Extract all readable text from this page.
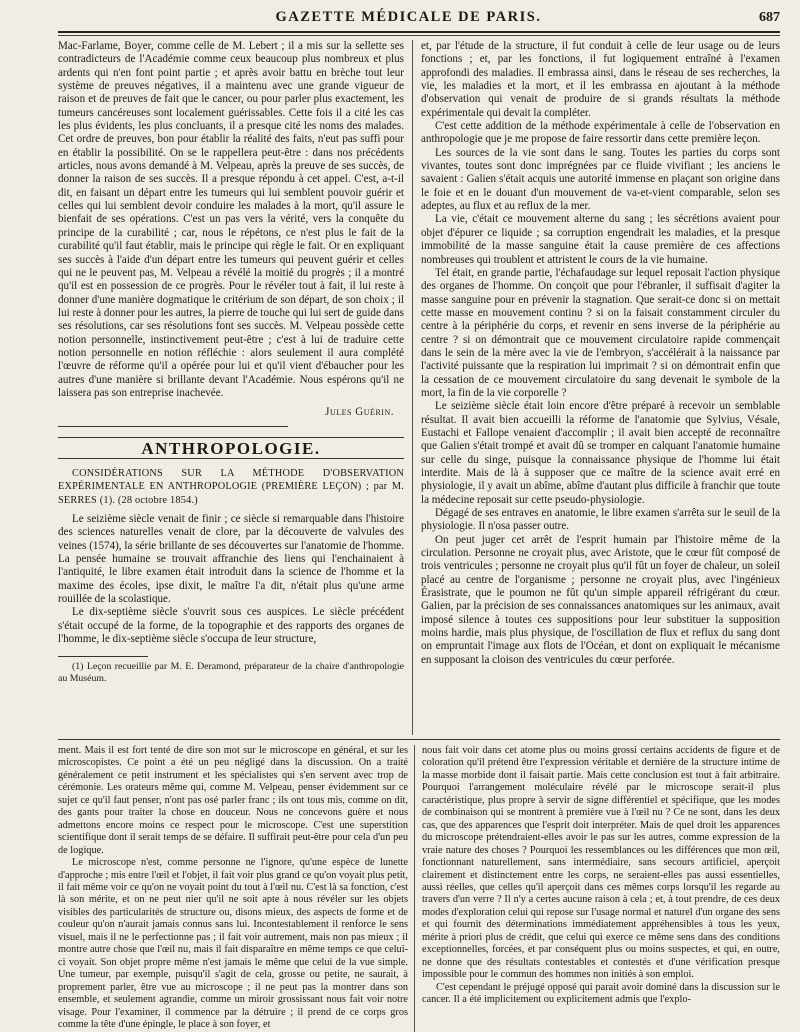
GAZETTE MÉDICALE DE PARIS.	687

Mac-Farlame, Boyer, comme celle de M. Lebert ; il a mis sur la sellette ses contradicteurs de l'Académie comme ceux beaucoup plus nombreux et plus ardents qui n'en font point partie ; et après avoir battu en brèche tout leur système de preuves négatives, il a maintenu avec une grande vigueur de raison et de preuves de fait que le cancer, ou pour parler plus exactement, les tumeurs cancéreuses sont localement guérissables. Cette fois il a cité les cas les plus évidents, les plus concluants, il a presque cité les noms des malades. Cet ordre de preuves, bon pour établir la réalité des faits, n'eut pas suffi pour en établir la possibilité. On se le rappellera peut-être : dans nos précédents articles, nous avons demandé à M. Velpeau, après la preuve de ses succès, de donner la raison de ses succès. Il a presque répondu à cet appel. C'est, a-t-il dit, en faisant un départ entre les tumeurs qui lui semblent pouvoir guérir et celles qui lui semblent devoir conduire les malades à la mort, qu'il assure le bienfait de ses opérations. C'est un pas vers la vérité, vers la conquête du principe de la curabilité ; car, nous le répétons, ce n'est plus le fait de la curabilité qu'il faut établir, mais le principe qui règle le fait. Or en expliquant ses succès à l'aide d'un départ entre les tumeurs qui peuvent guérir et celles qui ne le peuvent pas, M. Velpeau a révélé la moitié du progrès ; il a montré qu'il est en possession de ce progrès. Pour le révéler tout à fait, il lui reste à donner d'une manière dogmatique le critérium de son départ, de son choix ; il lui reste à donner pour les autres, la pierre de touche qui lui sert de guide dans ses résolutions, car ses résolutions font ses succès. M. Velpeau possède cette notion personnelle, instinctivement peut-être ; c'est à lui de traduire cette notion personnelle en notion réfléchie : alors seulement il aura complété l'œuvre de réforme qu'il a opérée pour lui et qu'il vient d'ébaucher pour les autres d'une manière si brillante devant l'Académie. Nous espérons qu'il ne laissera pas son entreprise inachevée.

Jules Guérin.
ANTHROPOLOGIE.

CONSIDÉRATIONS SUR LA MÉTHODE D'OBSERVATION EXPÉRIMENTALE EN ANTHROPOLOGIE (PREMIÈRE LEÇON) ; par M. SERRES (1). (28 octobre 1854.)

Le seizième siècle venait de finir ; ce siècle si remarquable dans l'histoire des sciences naturelles venait de clore, par la découverte de valvules des veines (1574), la série brillante de ses découvertes sur l'anatomie de l'homme. La pensée humaine se trouvait affranchie des liens qui l'enchainaient à l'antiquité, le libre examen était introduit dans la science de l'homme et la maxime des écoles, ipse dixit, le maître l'a dit, n'était plus qu'une arme rouillée de la scolastique.

Le dix-septième siècle s'ouvrit sous ces auspices. Le siècle précédent s'était occupé de la forme, de la topographie et des rapports des organes de l'homme, le dix-septième siècle s'occupa de leur structure,

(1) Leçon recueillie par M. E. Deramond, préparateur de la chaire d'anthropologie au Muséum.

et, par l'étude de la structure, il fut conduit à celle de leur usage ou de leurs fonctions ; et, par les fonctions, il fut logiquement entraîné à l'examen approfondi des maladies. Il embrassa ainsi, dans le réseau de ses recherches, la vie, les maladies et la mort, et il les embrassa en ajoutant à la méthode d'observation qui venait de produire de si grands résultats la méthode expérimentale qui devait la compléter.

C'est cette addition de la méthode expérimentale à celle de l'observation en anthropologie que je me propose de faire ressortir dans cette première leçon.

Les sources de la vie sont dans le sang. Toutes les parties du corps sont vivantes, toutes sont donc imprégnées par ce fluide vivifiant ; les anciens le savaient : Galien s'était acquis une autorité immense en plaçant son origine dans le foie et en le douant d'un mouvement de va-et-vient comparable, selon ses adeptes, au flux et au reflux de la mer.

La vie, c'était ce mouvement alterne du sang ; les sécrétions avaient pour objet d'épurer ce liquide ; sa corruption engendrait les maladies, et la presque immobilité de la masse sanguine était la cause première de ces affections nombreuses qui troublent et attristent le cours de la vie humaine.

Tel était, en grande partie, l'échafaudage sur lequel reposait l'action physique des organes de l'homme. On conçoit que pour l'ébranler, il suffisait d'agiter la masse sanguine pour en prévenir la stagnation. Que serait-ce donc si on mettait cette masse en mouvement continu ? si on la faisait constamment circuler du centre à la périphérie du corps, et revenir en sens inverse de la périphérie au centre ? si on démontrait que ce mouvement circulatoire rapide commençait dans le sein de la mère avec la vie de l'embryon, s'accélérait à la naissance par l'activité puissante que la respiration lui imprimait ? si on démontrait enfin que la cessation de ce mouvement circulatoire du sang devenait le symbole de la mort, la fin de la vie corporelle ?

Le seizième siècle était loin encore d'être préparé à recevoir un semblable résultat. Il avait bien accueilli la réforme de l'anatomie que Sylvius, Vésale, Eustachi et Fallope venaient d'accomplir ; il avait bien accepté de reconnaître que Galien s'était trompé et avait dû se tromper en calquant l'anatomie humaine sur celle du singe, puisque la connaissance physique de l'homme lui était interdite. Mais de là à supposer que ce maître de la science avait erré en physiologie, il y avait un abîme, abîme d'autant plus difficile à franchir que toute la médecine reposait sur cette pseudo-physiologie.

Dégagé de ses entraves en anatomie, le libre examen s'arrêta sur le seuil de la physiologie. Il n'osa passer outre.

On peut juger cet arrêt de l'esprit humain par l'histoire même de la circulation. Personne ne croyait plus, avec Aristote, que le cœur fût composé de trois ventricules ; personne ne croyait plus qu'il fût un foyer de chaleur, un soleil placé au centre de l'organisme ; personne ne croyait plus, avec l'ingénieux Érasistrate, que le poumon ne fût qu'un simple appareil réfrigérant du cœur. Galien, par la précision de ses connaissances anatomiques sur les animaux, avait imposé silence à toutes ces suppositions pour leur substituer la supposition moins hardie, mais plus physique, de l'oscillation de flux et reflux du sang dont on empruntait l'image aux flots de l'Océan, et dont on expliquait le mécanisme en supposant la cloison des ventricules du cœur perforée.

ment. Mais il est fort tenté de dire son mot sur le microscope en général, et sur les microscopistes. Ce point a été un peu négligé dans la discussion. On a traité généralement ce petit instrument et les spécialistes qui s'en servent avec trop de cérémonie. Les orateurs même qui, comme M. Velpeau, penser évidemment sur ce sujet ce qu'il faut penser, n'ont pas osé parler franc ; ils ont tous mis, comme on dit, des gants pour traiter la chose en douceur. Nous ne concevons guère et nous admettons encore moins ce respect pour le microscope. C'est une superstition scientifique dont il serait temps de se défaire. Il suffirait peut-être pour cela d'un peu de logique.

Le microscope n'est, comme personne ne l'ignore, qu'une espèce de lunette d'approche ; mis entre l'œil et l'objet, il fait voir plus grand ce qu'on voyait plus petit, il fait même voir ce qu'on ne voyait point du tout à l'œil nu. C'est là sa fonction, c'est là son mérite, et on ne peut nier qu'il ne soit apte à nous révéler sur les objets visibles des particularités de structure ou, disons mieux, des aspects de forme et de couleur qu'on n'aurait jamais connus sans lui. Incontestablement il renforce le sens visuel, mais il ne le perfectionne pas ; il fait voir autrement, mais non pas mieux ; il montre autre chose que l'œil nu, mais il fait disparaître en même temps ce que celui-ci voyait. Son objet propre même n'est jamais le même que celui de la vue simple. Une tumeur, par exemple, puisqu'il s'agit de cela, grosse ou petite, ne saurait, à proprement parler, être vue au microscope ; il ne peut pas la montrer dans son ensemble, et seulement agrandie, comme un miroir grossissant nous fait voir notre visage. Pour l'examiner, il commence par la détruire ; il prend de ce corps gros comme la tête d'une épingle, le place à son foyer, et

nous fait voir dans cet atome plus ou moins grossi certains accidents de figure et de coloration qu'il prétend être l'expression véritable et dernière de la structure intime de la masse morbide dont il faisait partie. Mais cette conclusion est tout à fait arbitraire. Pourquoi l'arrangement moléculaire révélé par le microscope serait-il plus caractéristique, plus propre à servir de signe différentiel et spécifique, que les modes de combinaison qui se montrent à première vue à l'œil nu ? Ce ne sont, dans les deux cas, que des apparences que l'esprit doit interpréter. Mais de quel droit les apparences du microscope prétendraient-elles avoir le pas sur les autres, comme expression de la vraie nature des choses ? Pourquoi les ressemblances ou les différences que mon œil, fonctionnant naturellement, sans intermédiaire, sans secours artificiel, aperçoit clairement et distinctement entre les corps, ne seraient-elles pas aussi essentielles, aussi réelles, que celles qu'il aperçoit dans ces mêmes corps lorsqu'il les regarde au travers d'un verre ? Il n'y a certes aucune raison à cela ; et, à tout prendre, de ces deux modes d'exploration celui qui repose sur l'usage normal et naturel d'un organe des sens et qui fournit des déterminations immédiatement appréhensibles à tous les yeux, mérite à priori plus de crédit, que celui qui exerce ce même sens dans des conditions exceptionnelles, forcées, et par conséquent plus ou moins suspectes, et qui, en outre, ne donne que des résultats contestables et contestés et d'une vérification presque impossible pour le commun des hommes non initiés à son emploi.

C'est cependant le préjugé opposé qui parait avoir dominé dans la discussion sur le cancer. Il a été implicitement ou explicitement admis que l'explo-
